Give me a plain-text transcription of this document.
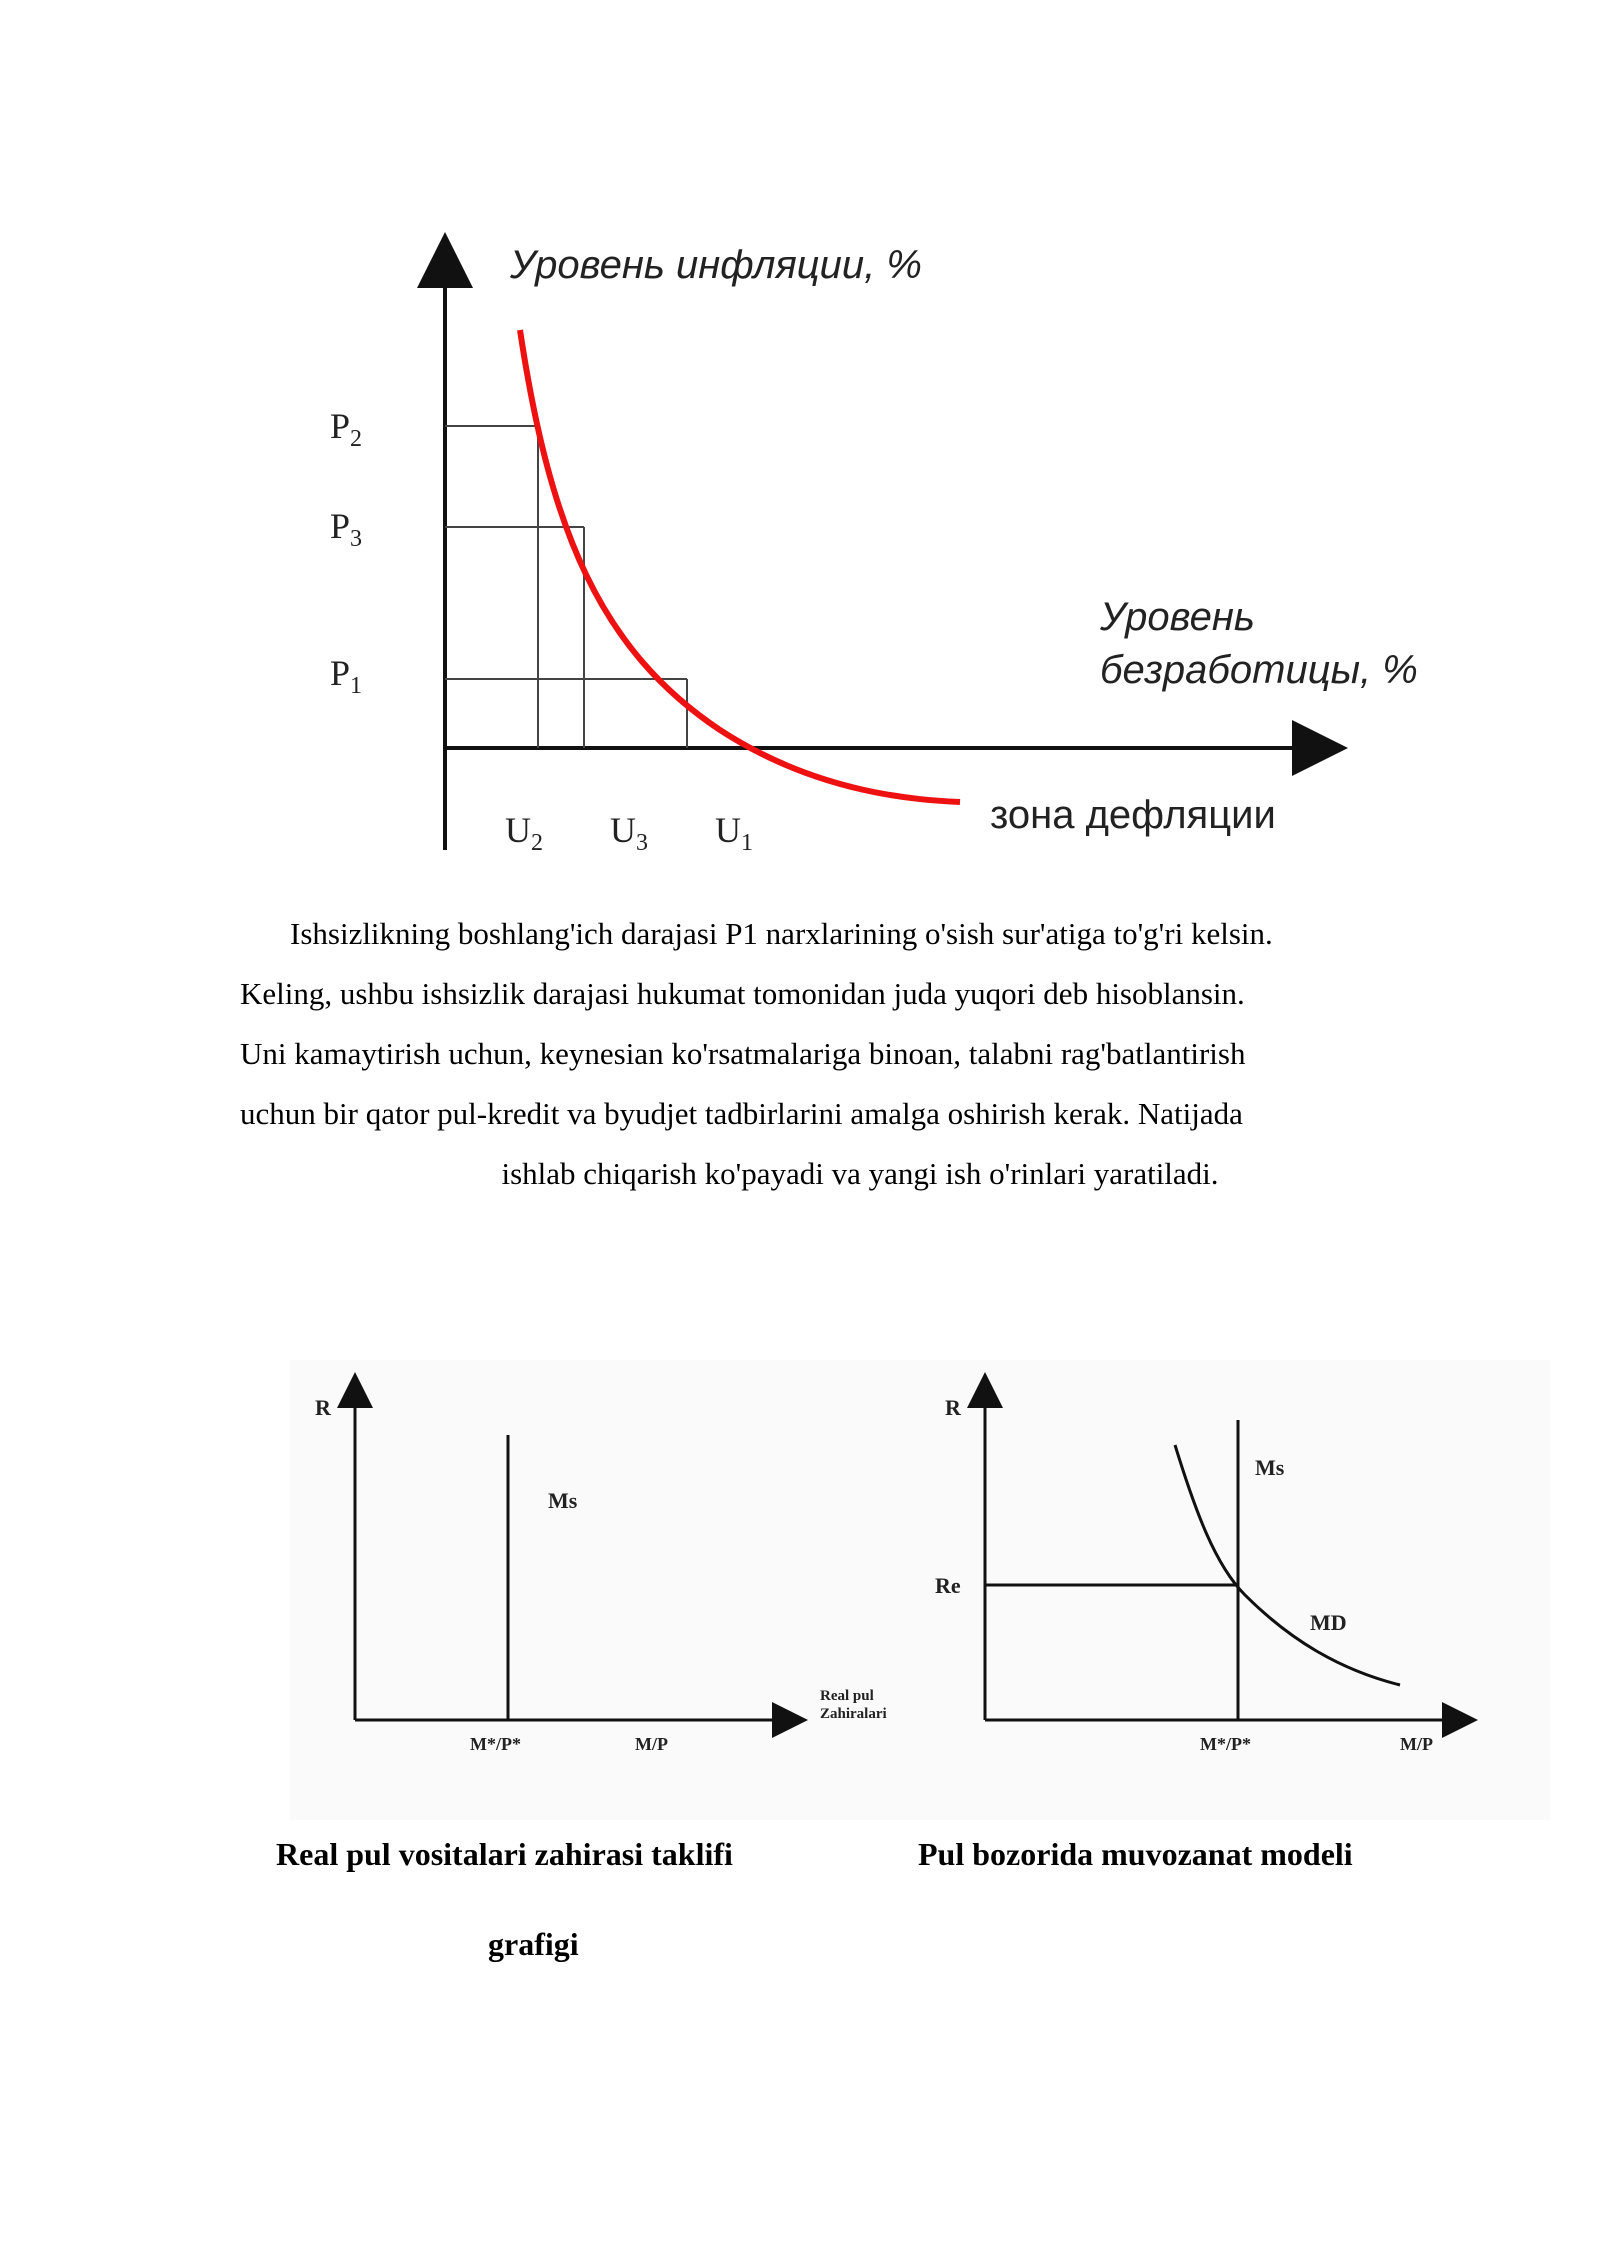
Уровень инфляции, %
Уровень
безработицы, %
зона дефляции
$P_2$
$P_3$
$P_1$
$U_2$ $U_3$ $U_1$

Ishsizlikning boshlang'ich darajasi P1 narxlarining o'sish sur'atiga to'g'ri kelsin.

Keling, ushbu ishsizlik darajasi hukumat tomonidan juda yuqori deb hisoblansin.

Uni kamaytirish uchun, keynesian ko'rsatmalariga binoan, talabni rag'batlantirish

uchun bir qator pul-kredit va byudjet tadbirlarini amalga oshirish kerak. Natijada

ishlab chiqarish ko'payadi va yangi ish o'rinlari yaratiladi.

R
Ms
M*/P*	M/P
Real pul
Zahiralari
R
Ms
MD
Re
M*/P*	M/P
Real pul vositalari zahirasi taklifi
grafigi
Pul bozorida muvozanat modeli
